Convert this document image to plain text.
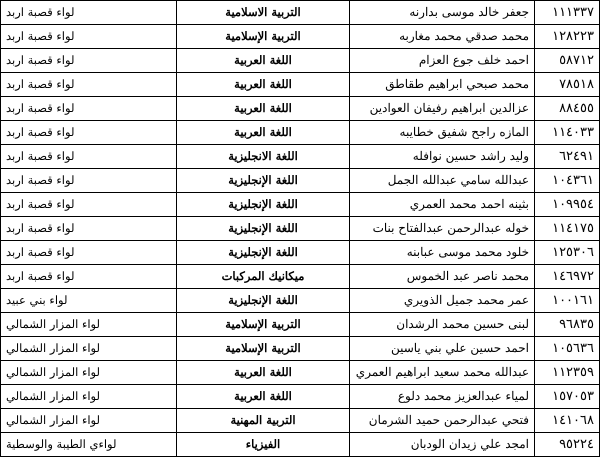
لواء قصبة اربد	التربية الاسلامية	جعفر خالد موسى بدارنه	١١١٣٣٧
لواء قصبة اربد	التربية الإسلامية	محمد صدقي محمد مغاربه	١٢٨٢٢٣
لواء قصبة اربد	اللغة العربية	احمد خلف جوع العزام	٥٨٧١٢
لواء قصبة اربد	اللغة العربية	محمد صبحي ابراهيم طقاطق	٧٨٥١٨
لواء قصبة اربد	اللغة العربية	عزالدين ابراهيم رفيفان العوادين	٨٨٤٥٥
لواء قصبة اربد	اللغة العربية	المازه راجح شفيق خطايبه	١١٤٠٣٣
لواء قصبة اربد	اللغة الانجليزية	وليد راشد حسين نوافله	٦٢٤٩١
لواء قصبة اربد	اللغة الإنجليزية	عبدالله سامي عبدالله الجمل	١٠٤٣٦١
لواء قصبة اربد	اللغة الإنجليزية	بثينه احمد محمد العمري	١٠٩٩٥٤
لواء قصبة اربد	اللغة الإنجليزية	خوله عبدالرحمن عبدالفتاح بنات	١١٤١٧٥
لواء قصبة اربد	اللغة الإنجليزية	خلود محمد موسى عبابنه	١٢٥٣٠٦
لواء قصبة اربد	ميكانيك المركبات	محمد ناصر عبد الخموس	١٤٦٩٧٢
لواء بني عبيد	اللغة الإنجليزية	عمر محمد جميل الذويري	١٠٠١٦١
لواء المزار الشمالي	التربية الإسلامية	لبنى حسين محمد الرشدان	٩٦٨٣٥
لواء المزار الشمالي	التربية الإسلامية	احمد حسين علي بني ياسين	١٠٥٦٣٦
لواء المزار الشمالي	اللغة العربية	عبدالله محمد سعيد ابراهيم العمري	١١٢٣٥٩
لواء المزار الشمالي	اللغة العربية	لمياء عبدالعزيز محمد دلوع	١٥٧٠٥٣
لواء المزار الشمالي	التربية المهنية	فتحي عبدالرحمن حميد الشرمان	١٤١٠٦٨
لواءي الطيبة والوسطية	الفيزياء	امجد علي زيدان الودبان	٩٥٢٢٤
